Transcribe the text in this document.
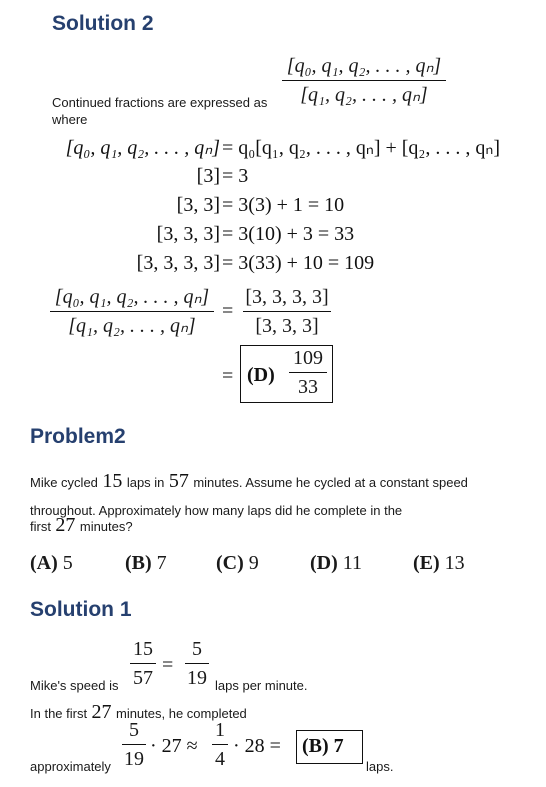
Solution 2
Continued fractions are expressed as
[q₀, q₁, q₂, . . . , qₙ]
[q₁, q₂, . . . , qₙ]
where
[q₀, q₁, q₂, . . . , qₙ] = q₀[q₁, q₂, . . . , qₙ] + [q₂, . . . , qₙ]
[3] = 3
[3, 3] = 3(3) + 1 = 10
[3, 3, 3] = 3(10) + 3 = 33
[3, 3, 3, 3] = 3(33) + 10 = 109
[q₀, q₁, q₂, . . . , qₙ]
[q₁, q₂, . . . , qₙ]
=
[3, 3, 3, 3]
[3, 3, 3]
= (D)
109
33
Problem2
Mike cycled 15 laps in 57 minutes. Assume he cycled at a constant speed
throughout. Approximately how many laps did he complete in the
first 27 minutes?
(A) 5	(B) 7 (C) 9	(D) 11	(E) 13
Solution 1
Mike's speed is
15
57
=
5
19 laps per minute.
In the first 27 minutes, he completed
approximately
5
19
· 27 ≈
1
4
· 28 = (B) 7
laps.
